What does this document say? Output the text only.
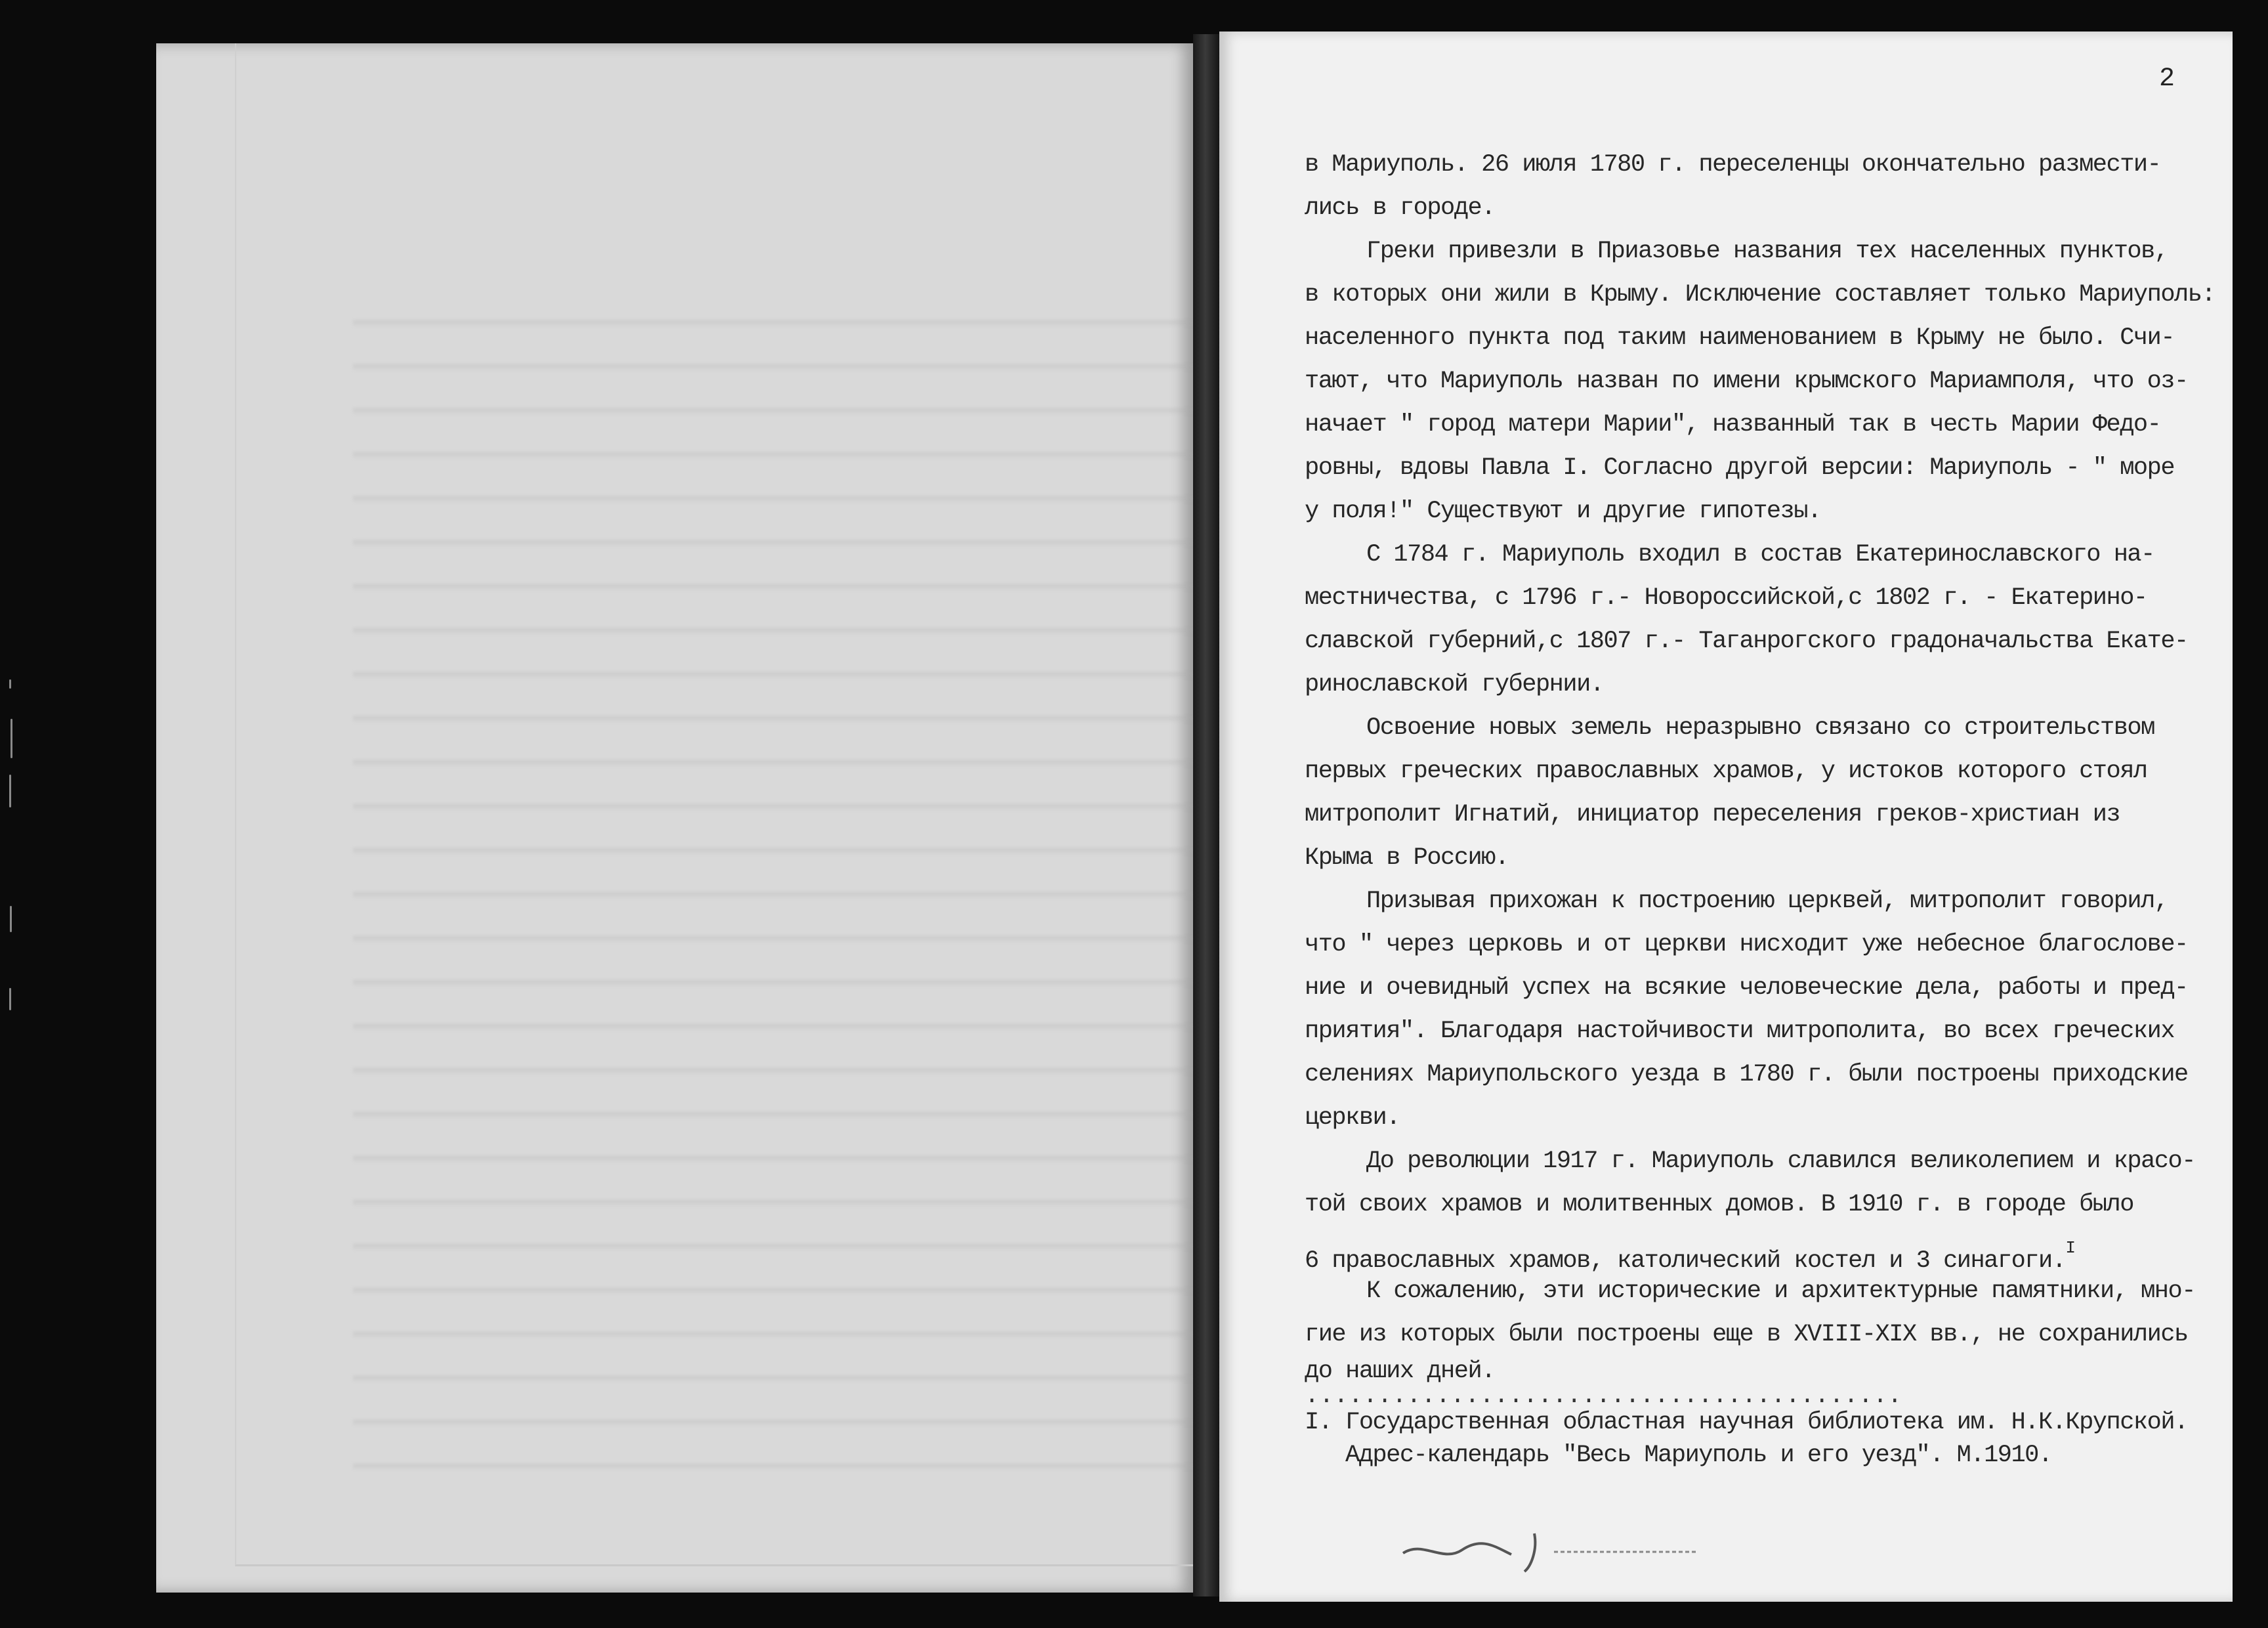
2
в Мариуполь. 26 июля 1780 г. переселенцы окончательно размести-
лись в городе.
Греки привезли в Приазовье названия тех населенных пунктов,
в которых они жили в Крыму. Исключение составляет только Мариуполь:
населенного пункта под таким наименованием в Крыму не было. Счи-
тают, что Мариуполь назван по имени крымского Мариамполя, что оз-
начает " город матери Марии", названный так в честь Марии Федо-
ровны, вдовы Павла I. Согласно другой версии: Мариуполь - " море
у поля!" Существуют и другие гипотезы.
С 1784 г. Мариуполь входил в состав Екатеринославского на-
местничества, с 1796 г.- Новороссийской,с 1802 г. - Екатерино-
славской губерний,с 1807 г.- Таганрогского градоначальства Екате-
ринославской губернии.
Освоение новых земель неразрывно связано со строительством
первых греческих православных храмов, у истоков которого стоял
митрополит Игнатий, инициатор переселения греков-христиан из
Крыма в Россию.
Призывая прихожан к построению церквей, митрополит говорил,
что " через церковь и от церкви нисходит уже небесное благослове-
ние и очевидный успех на всякие человеческие дела, работы и пред-
приятия". Благодаря настойчивости митрополита, во всех греческих
селениях Мариупольского уезда в 1780 г. были построены приходские
церкви.
До революции 1917 г. Мариуполь славился великолепием и красо-
той своих храмов и молитвенных домов. В 1910 г. в городе было
6 православных храмов, католический костел и 3 синагоги.$^I$
К сожалению, эти исторические и архитектурные памятники, мно-
гие из которых были построены еще в XVIII-XIX вв., не сохранились
до наших дней.
.........................................
I. Государственная областная научная библиотека им. Н.К.Крупской.
Адрес-календарь "Весь Мариуполь и его уезд". М.1910.
